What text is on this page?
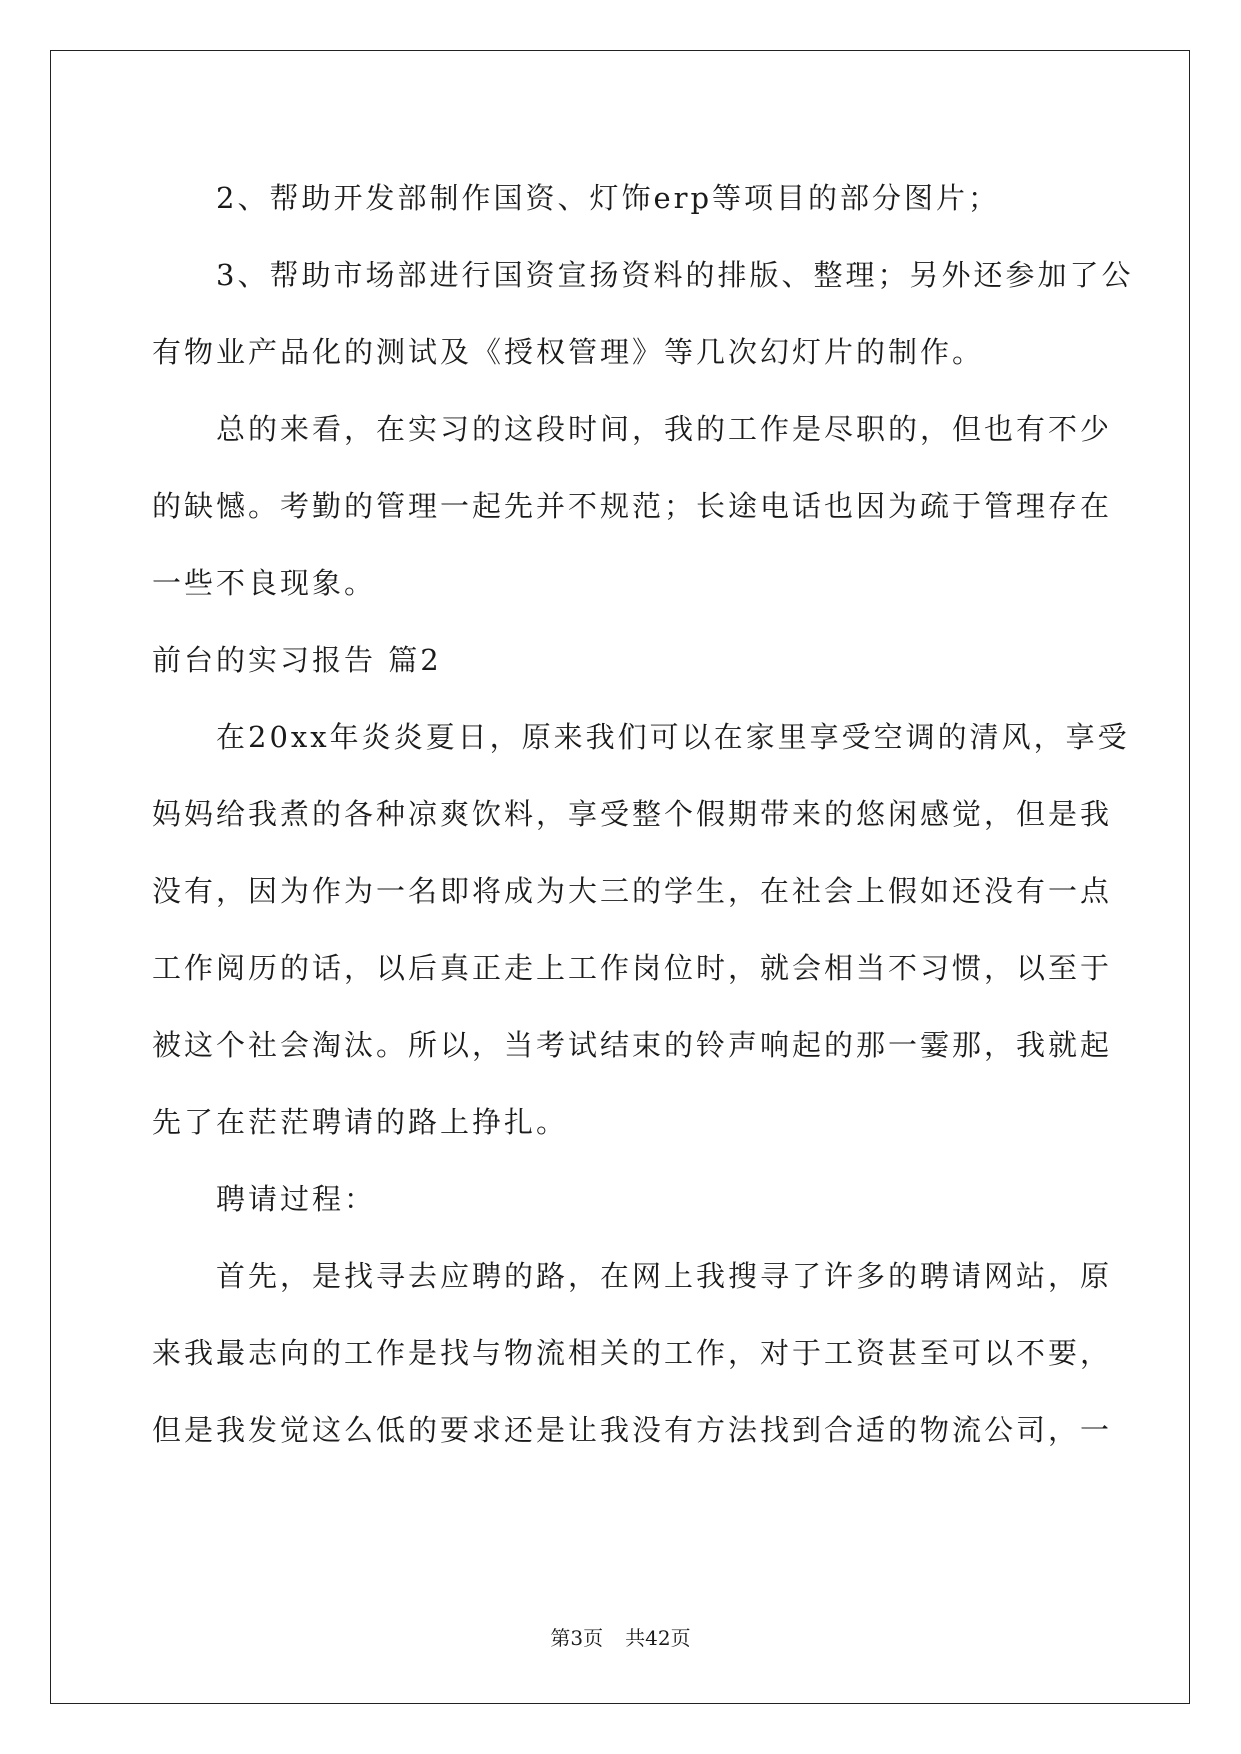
　　2、帮助开发部制作国资、灯饰erp等项目的部分图片；
　　3、帮助市场部进行国资宣扬资料的排版、整理；另外还参加了公
有物业产品化的测试及《授权管理》等几次幻灯片的制作。
　　总的来看，在实习的这段时间，我的工作是尽职的，但也有不少
的缺憾。考勤的管理一起先并不规范；长途电话也因为疏于管理存在
一些不良现象。
前台的实习报告 篇2
　　在20xx年炎炎夏日，原来我们可以在家里享受空调的清风，享受
妈妈给我煮的各种凉爽饮料，享受整个假期带来的悠闲感觉，但是我
没有，因为作为一名即将成为大三的学生，在社会上假如还没有一点
工作阅历的话，以后真正走上工作岗位时，就会相当不习惯，以至于
被这个社会淘汰。所以，当考试结束的铃声响起的那一霎那，我就起
先了在茫茫聘请的路上挣扎。
　　聘请过程：
　　首先，是找寻去应聘的路，在网上我搜寻了许多的聘请网站，原
来我最志向的工作是找与物流相关的工作，对于工资甚至可以不要，
但是我发觉这么低的要求还是让我没有方法找到合适的物流公司，一
第3页 共42页
